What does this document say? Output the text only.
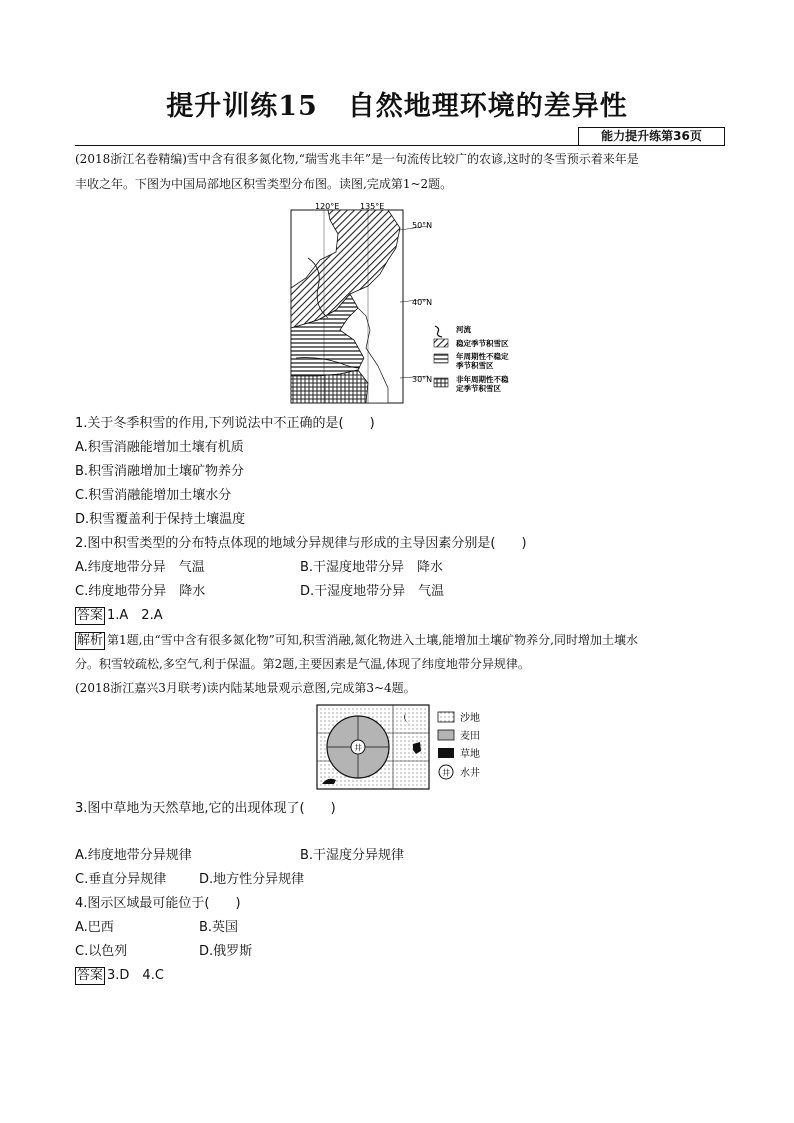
提升训练15 自然地理环境的差异性
能力提升练第36页
(2018浙江名卷精编)雪中含有很多氮化物,“瑞雪兆丰年”是一句流传比较广的农谚,这时的冬雪预示着来年是
丰收之年。下图为中国局部地区积雪类型分布图。读图,完成第1~2题。
120°E	135°E
50°N
40°N
30°N
河流
稳定季节积雪区
年周期性不稳定
季节积雪区
非年周期性不稳
定季节积雪区
1.关于冬季积雪的作用,下列说法中不正确的是(　　)
A.积雪消融能增加土壤有机质
B.积雪消融增加土壤矿物养分
C.积雪消融能增加土壤水分
D.积雪覆盖利于保持土壤温度
2.图中积雪类型的分布特点体现的地域分异规律与形成的主导因素分别是(　　)
A.纬度地带分异　气温	B.干湿度地带分异　降水
C.纬度地带分异　降水	D.干湿度地带分异　气温
答案 1.A　2.A
解析 第1题,由“雪中含有很多氮化物”可知,积雪消融,氮化物进入土壤,能增加土壤矿物养分,同时增加土壤水
分。积雪较疏松,多空气,利于保温。第2题,主要因素是气温,体现了纬度地带分异规律。
(2018浙江嘉兴3月联考)读内陆某地景观示意图,完成第3~4题。
井
沙地
麦田
草地
井 水井
3.图中草地为天然草地,它的出现体现了(　　)
A.纬度地带分异规律	B.干湿度分异规律
C.垂直分异规律	D.地方性分异规律
4.图示区域最可能位于(　　)
A.巴西	B.英国
C.以色列	D.俄罗斯
答案 3.D　4.C
